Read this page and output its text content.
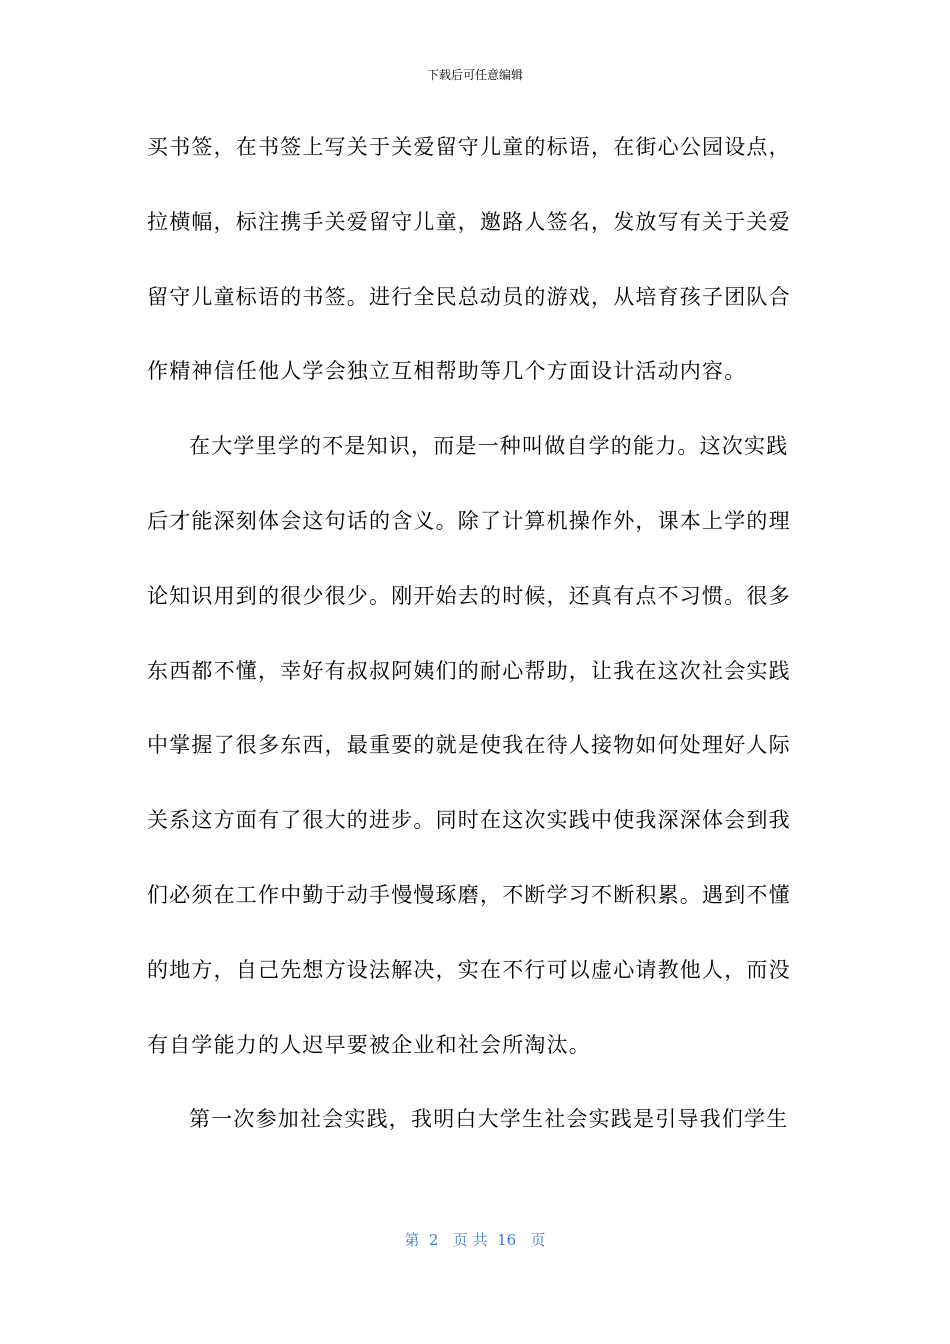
下载后可任意编辑
买书签，在书签上写关于关爱留守儿童的标语，在街心公园设点，
拉横幅，标注携手关爱留守儿童，邀路人签名，发放写有关于关爱
留守儿童标语的书签。进行全民总动员的游戏，从培育孩子团队合
作精神信任他人学会独立互相帮助等几个方面设计活动内容。
在大学里学的不是知识，而是一种叫做自学的能力。这次实践
后才能深刻体会这句话的含义。除了计算机操作外，课本上学的理
论知识用到的很少很少。刚开始去的时候，还真有点不习惯。很多
东西都不懂，幸好有叔叔阿姨们的耐心帮助，让我在这次社会实践
中掌握了很多东西，最重要的就是使我在待人接物如何处理好人际
关系这方面有了很大的进步。同时在这次实践中使我深深体会到我
们必须在工作中勤于动手慢慢琢磨，不断学习不断积累。遇到不懂
的地方，自己先想方设法解决，实在不行可以虚心请教他人，而没
有自学能力的人迟早要被企业和社会所淘汰。
第一次参加社会实践，我明白大学生社会实践是引导我们学生
第  2   页 共  16   页
